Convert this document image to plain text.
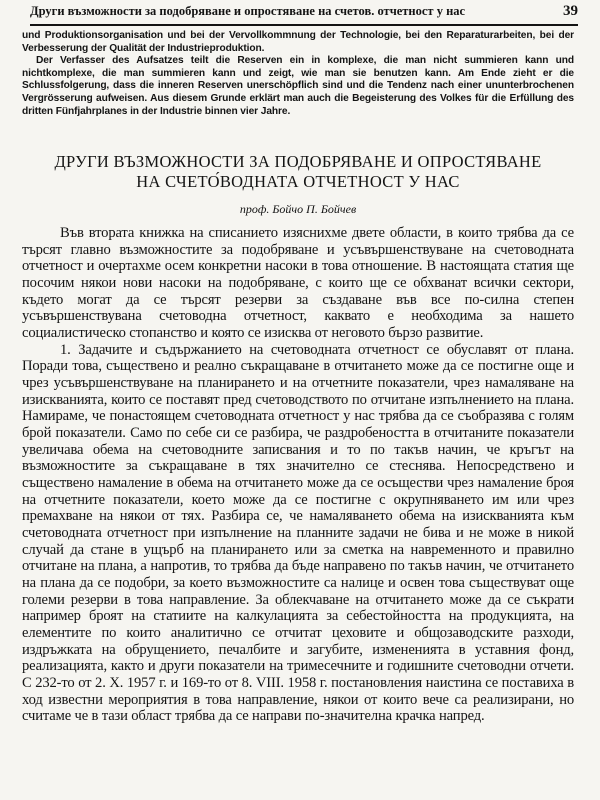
Други възможности за подобряване и опростяване на счетов. отчетност у нас	39

und Produktionsorganisation und bei der Vervollkommnung der Technologie, bei den Reparaturarbeiten, bei der Verbesserung der Qualität der Industrieproduktion.

Der Verfasser des Aufsatzes teilt die Reserven ein in komplexe, die man nicht summieren kann und nichtkomplexe, die man summieren kann und zeigt, wie man sie benutzen kann. Am Ende zieht er die Schlussfolgerung, dass die inneren Reserven unerschöpflich sind und die Tendenz nach einer ununterbrochenen Vergrösserung aufweisen. Aus diesem Grunde erklärt man auch die Begeisterung des Volkes für die Erfüllung des dritten Fünfjahrplanes in der Industrie binnen vier Jahre.

ДРУГИ ВЪЗМОЖНОСТИ ЗА ПОДОБРЯВАНЕ И ОПРОСТЯВАНЕ
НА СЧЕТО́ВОДНАТА ОТЧЕТНОСТ У НАС
проф. Бойчо П. Бойчев

Във втората книжка на списанието изяснихме двете области, в които трябва да се търсят главно възможностите за подобряване и усъвършенствуване на счетоводната отчетност и очертахме осем конкретни насоки в това отношение. В настоящата статия ще посочим някои нови насоки на подобряване, с които ще се обхванат всички сектори, където могат да се търсят резерви за създаване във все по-силна степен усъвършенствувана счетоводна отчетност, каквато е необходима за нашето социалистическо стопанство и която се изисква от неговото бързо развитие.

1. Задачите и съдържанието на счетоводната отчетност се обуславят от плана. Поради това, съществено и реално съкращаване в отчитането може да се постигне още и чрез усъвършенствуване на планирането и на отчетните показатели, чрез намаляване на изискванията, които се поставят пред счетоводството по отчитане изпълнението на плана. Намираме, че понастоящем счетоводната отчетност у нас трябва да се съобразява с голям брой показатели. Само по себе си се разбира, че раздробеността в отчитаните показатели увеличава обема на счетоводните записвания и то по такъв начин, че кръгът на възможностите за съкращаване в тях значително се стеснява. Непосредствено и съществено намаление в обема на отчитането може да се осъществи чрез намаление броя на отчетните показатели, което може да се постигне с окрупняването им или чрез премахване на някои от тях. Разбира се, че намаляването обема на изискванията към счетоводната отчетност при изпълнение на планните задачи не бива и не може в никой случай да стане в ущърб на планирането или за сметка на навременното и правилно отчитане на плана, а напротив, то трябва да бъде направено по такъв начин, че отчитането на плана да се подобри, за което възможностите са налице и освен това съществуват още големи резерви в това направление. За облекчаване на отчитането може да се съкрати например броят на статиите на калкулацията за себестойността на продукцията, на елементите по които аналитично се отчитат цеховите и общозаводските разходи, издръжката на обрущението, печалбите и загубите, измененията в уставния фонд, реализацията, както и други показатели на тримесечните и годишните счетоводни отчети. С 232-то от 2. X. 1957 г. и 169-то от 8. VIII. 1958 г. постановления наистина се поставиха в ход известни мероприятия в това направление, някои от които вече са реализирани, но считаме че в тази област трябва да се направи по-значителна крачка напред.
